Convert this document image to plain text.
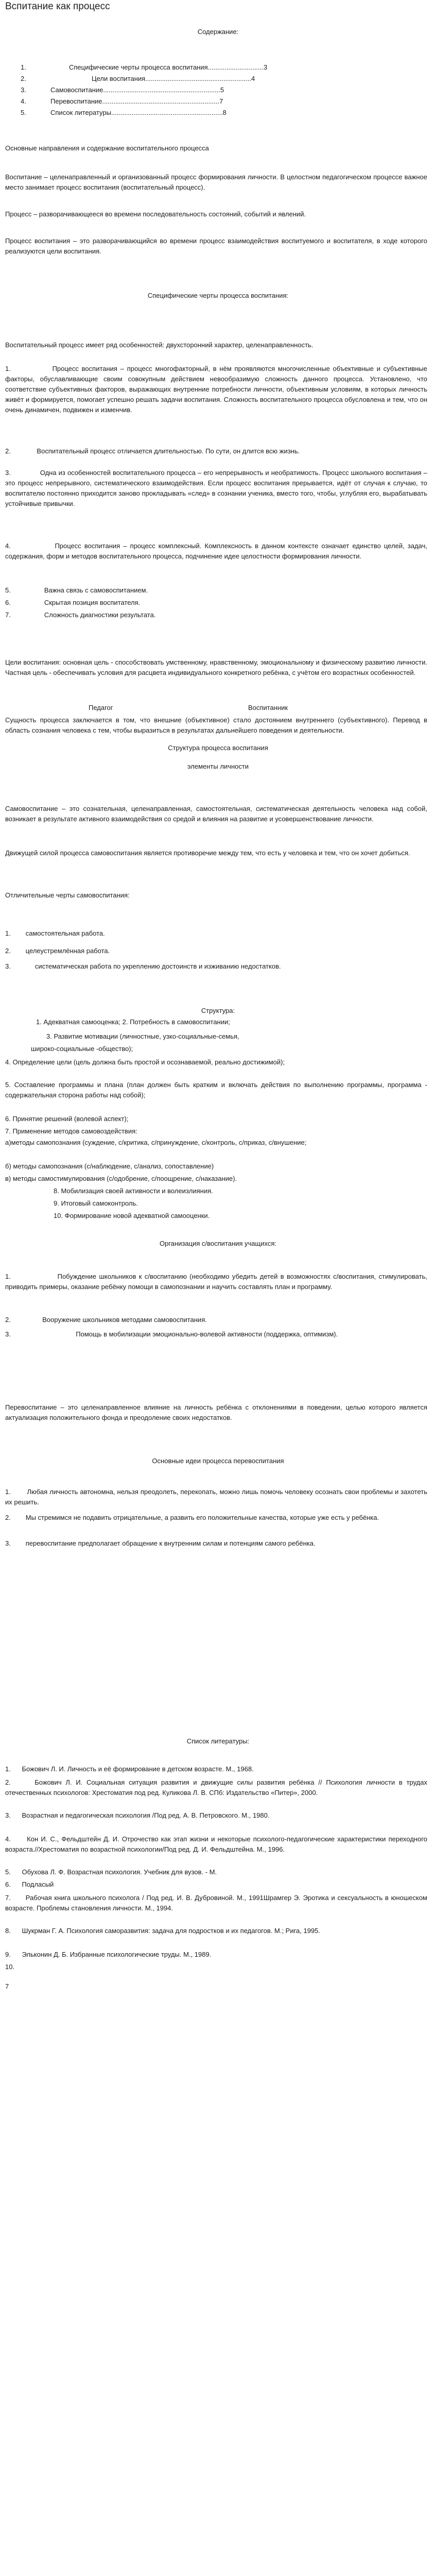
Вспитание как процесс
Содержание:
1.	Специфические черты процесса воспитания..............................3
2.	Цели воспитания.........................................................4
3.	Самовоспитание...............................................................5
4.	Перевоспитание...............................................................7
5.	Список литературы............................................................8
Основные направления и содержание воспитательного процесса
Воспитание – целенаправленный и организованный процесс формирования личности. В целостном педагогическом процессе важное место занимает процесс воспитания (воспитательный процесс).
Процесс – разворачивающееся во времени последовательность состояний, событий и явлений.
Процесс воспитания – это разворачивающийся во времени процесс взаимодействия воспитуемого и воспитателя, в ходе которого реализуются цели воспитания.
Специфические черты процесса воспитания:
Воспитательный процесс имеет ряд особенностей: двухсторонний характер, целенаправленность.
1.	Процесс воспитания – процесс многофакторный, в нём проявляются многочисленные объективные и субъективные факторы, обуславливающие своим совокупным действием невообразимую сложность данного процесса. Установлено, что соответствие субъективных факторов, выражающих внутренние потребности личности, объективным условиям, в которых личность живёт и формируется, помогает успешно решать задачи воспитания. Сложность воспитательного процесса обусловлена и тем, что он очень динамичен, подвижен и изменчив.
2.	Воспитательный процесс отличается длительностью. По сути, он длится всю жизнь.
3.	Одна из особенностей воспитательного процесса – его непрерывность и необратимость. Процесс школьного воспитания – это процесс непрерывного, систематического взаимодействия. Если процесс воспитания прерывается, идёт от случая к случаю, то воспитателю постоянно приходится заново прокладывать «след» в сознании ученика, вместо того, чтобы, углубляя его, вырабатывать устойчивые привычки.
4.	Процесс воспитания – процесс комплексный. Комплексность в данном контексте означает единство целей, задач, содержания, форм и методов воспитательного процесса, подчинение идее целостности формирования личности.
5.	Важна связь с самовоспитанием.
6.	Скрытая позиция воспитателя.
7.	Сложность диагностики результата.
Цели воспитания: основная цель - способствовать умственному, нравственному, эмоциональному и физическому развитию личности. Частная цель - обеспечивать условия для расцвета индивидуального конкретного ребёнка, с учётом его возрастных особенностей.
Педагог	Воспитанник
Сущность процесса заключается в том, что внешние (объективное) стало достоянием внутреннего (субъективного). Перевод в область сознания человека с тем, чтобы выразиться в результатах дальнейшего поведения и деятельности.
Структура процесса воспитания
элементы личности
Самовоспитание – это сознательная, целенаправленная, самостоятельная, систематическая деятельность человека над собой, возникает в результате активного взаимодействия со средой и влияния на развитие и усовершенствование личности.
Движущей силой процесса самовоспитания является противоречие между тем, что есть у человека и тем, что он хочет добиться.
Отличительные черты самовоспитания:
1. самостоятельная работа.
2. целеустремлённая работа.
3.	систематическая работа по укреплению достоинств и изживанию недостатков.
Структура:
1. Адекватная самооценка; 2. Потребность в самовоспитании;
3. Развитие мотивации (личностные, узко-социальные-семья,
широко-социальные -общество);
4. Определение цели (цель должна быть простой и осознаваемой, реально достижимой);
5. Составление программы и плана (план должен быть кратким и включать действия по выполнению программы, программа - содержательная сторона работы над собой);
6. Принятие решений (волевой аспект);
7. Применение методов самовоздействия:
а)методы самопознания (суждение, с/критика, с/принуждение, с/контроль, с/приказ, с/внушение;
б) методы самопознания (с/наблюдение, с/анализ, сопоставление)
в) методы самостимулирования (с/одобрение, с/поощрение, с/наказание).
8. Мобилизация своей активности и волеизлияния.
9. Итоговый самоконтроль.
10. Формирование новой адекватной самооценки.
Организация с/воспитания учащихся:
1.	Побуждение школьников к с/воспитанию (необходимо убедить детей в возможностях с/воспитания, стимулировать, приводить примеры, оказание ребёнку помощи в самопознании и научить составлять план и программу.
2.	Вооружение школьников методами самовоспитания.
3.	Помощь в мобилизации эмоционально-волевой активности (поддержка, оптимизм).
Перевоспитание – это целенаправленное влияние на личность ребёнка с отклонениями в поведении, целью которого является актуализация положительного фонда и преодоление своих недостатков.
Основные идеи процесса перевоспитания
1. Любая личность автономна, нельзя преодолеть, перекопать, можно лишь помочь человеку осознать свои проблемы и захотеть их решить.
2. Мы стремимся не подавить отрицательные, а развить его положительные качества, которые уже есть у ребёнка.
3. перевоспитание предполагает обращение к внутренним силам и потенциям самого ребёнка.
Список литературы:
1. Божович Л. И. Личность и её формирование в детском возрасте. М., 1968.
2.	Божович Л. И. Социальная ситуация развития и движущие силы развития ребёнка // Психология личности в трудах отечественных психологов: Хрестоматия под ред. Куликова Л. В. СПб: Издательство «Питер», 2000.
3. Возрастная и педагогическая психология /Под ред. А. В. Петровского. М., 1980.
4. Кон И. С., Фельдштейн Д. И. Отрочество как этап жизни и некоторые психолого-педагогические характеристики переходного возраста.//Хрестоматия по возрастной психологии/Под ред. Д. И. Фельдштейна. М., 1996.
5. Обухова Л. Ф. Возрастная психология. Учебник для вузов. - М.
6. Подласый
7. Рабочая книга школьного психолога / Под ред. И. В. Дубровиной. М., 1991Шрамгер Э. Эротика и сексуальность в юношеском возрасте. Проблемы становления личности. М., 1994.
8. Шукрман Г. А. Психология саморазвития: задача для подростков и их педагогов. М.; Рига, 1995.
9. Эльконин Д. Б. Избранные психологические труды. М., 1989.
10.
7
